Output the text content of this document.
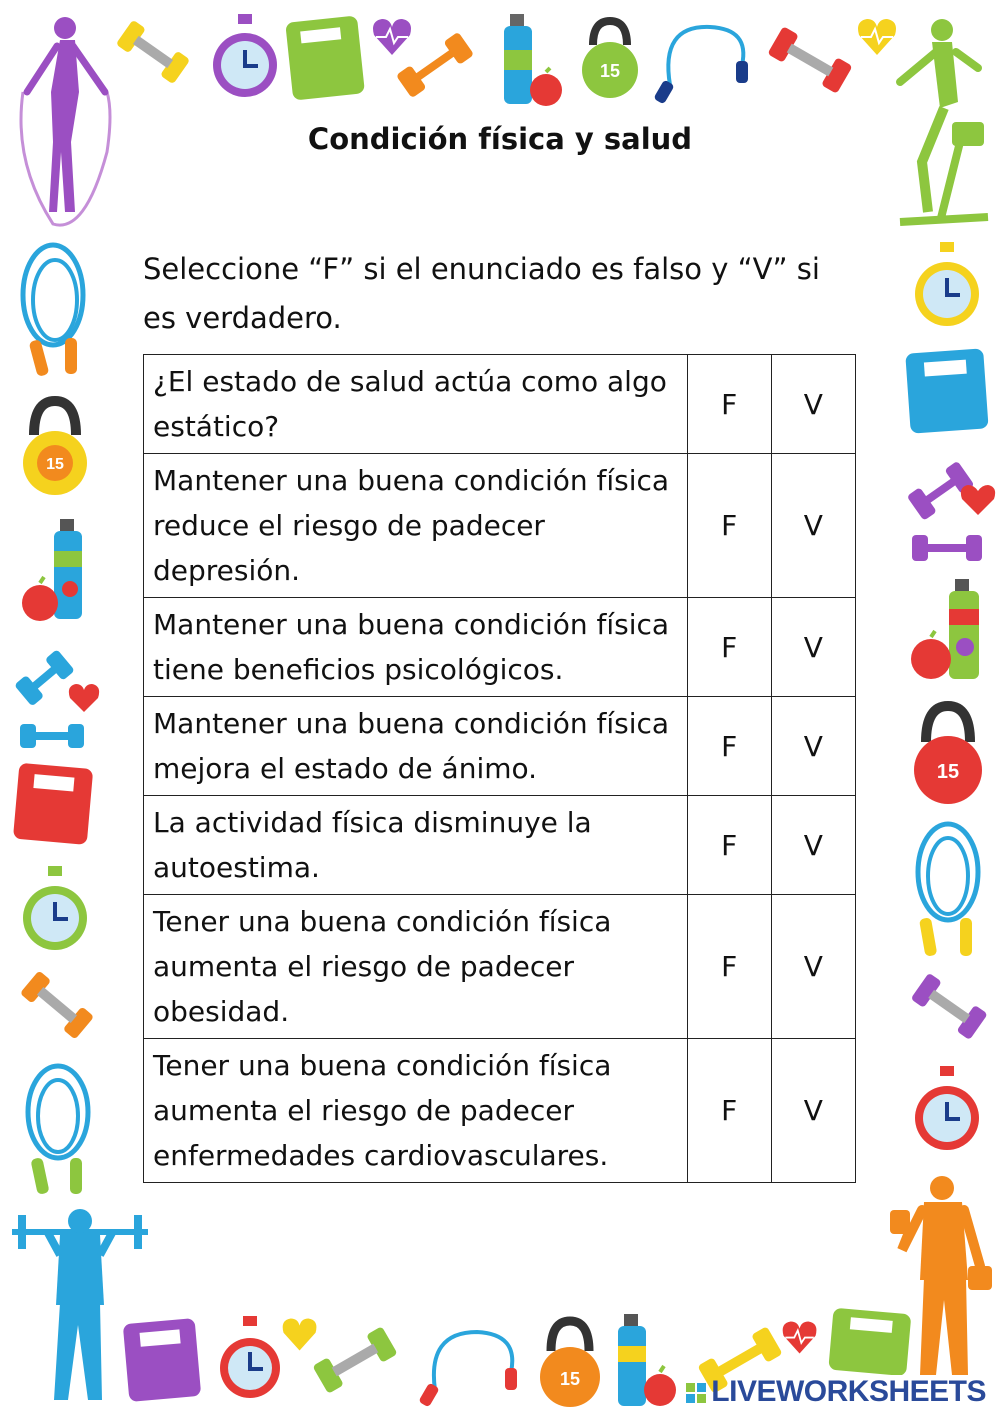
15
15
15
15
Condición física y salud
Seleccione “F” si el enunciado es falso y “V” si es verdadero.
¿El estado de salud actúa como algo estático?	F	V
Mantener una buena condición física reduce el riesgo de padecer depresión.	F	V
Mantener una buena condición física tiene beneficios psicológicos.	F	V
Mantener una buena condición física mejora el estado de ánimo.	F	V
La actividad física disminuye la autoestima.	F	V
Tener una buena condición física aumenta el riesgo de padecer obesidad.	F	V
Tener una buena condición física aumenta el riesgo de padecer enfermedades cardiovasculares.	F	V
LIVEWORKSHEETS
